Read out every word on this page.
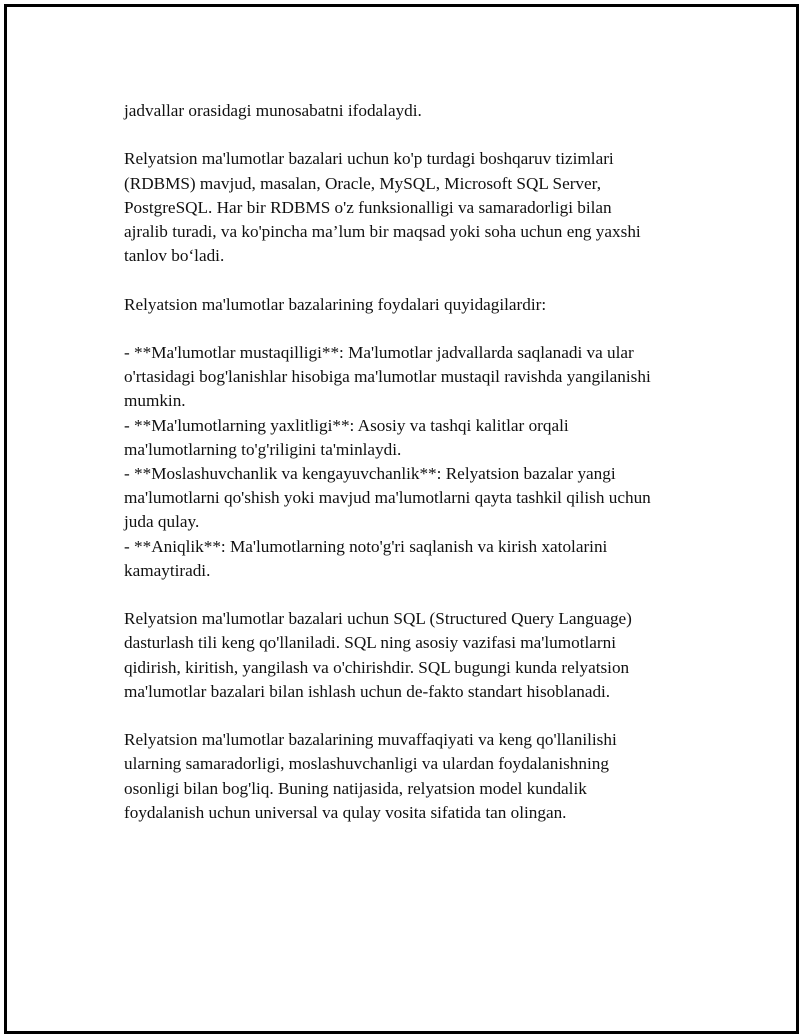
jadvallar orasidagi munosabatni ifodalaydi.

Relyatsion ma'lumotlar bazalari uchun ko'p turdagi boshqaruv tizimlari
(RDBMS) mavjud, masalan, Oracle, MySQL, Microsoft SQL Server,
PostgreSQL. Har bir RDBMS o'z funksionalligi va samaradorligi bilan
ajralib turadi, va ko'pincha ma’lum bir maqsad yoki soha uchun eng yaxshi
tanlov bo‘ladi.

Relyatsion ma'lumotlar bazalarining foydalari quyidagilardir:

- **Ma'lumotlar mustaqilligi**: Ma'lumotlar jadvallarda saqlanadi va ular
o'rtasidagi bog'lanishlar hisobiga ma'lumotlar mustaqil ravishda yangilanishi
mumkin.

- **Ma'lumotlarning yaxlitligi**: Asosiy va tashqi kalitlar orqali
ma'lumotlarning to'g'riligini ta'minlaydi.

- **Moslashuvchanlik va kengayuvchanlik**: Relyatsion bazalar yangi
ma'lumotlarni qo'shish yoki mavjud ma'lumotlarni qayta tashkil qilish uchun
juda qulay.

- **Aniqlik**: Ma'lumotlarning noto'g'ri saqlanish va kirish xatolarini
kamaytiradi.

Relyatsion ma'lumotlar bazalari uchun SQL (Structured Query Language)
dasturlash tili keng qo'llaniladi. SQL ning asosiy vazifasi ma'lumotlarni
qidirish, kiritish, yangilash va o'chirishdir. SQL bugungi kunda relyatsion
ma'lumotlar bazalari bilan ishlash uchun de-fakto standart hisoblanadi.

Relyatsion ma'lumotlar bazalarining muvaffaqiyati va keng qo'llanilishi
ularning samaradorligi, moslashuvchanligi va ulardan foydalanishning
osonligi bilan bog'liq. Buning natijasida, relyatsion model kundalik
foydalanish uchun universal va qulay vosita sifatida tan olingan.
